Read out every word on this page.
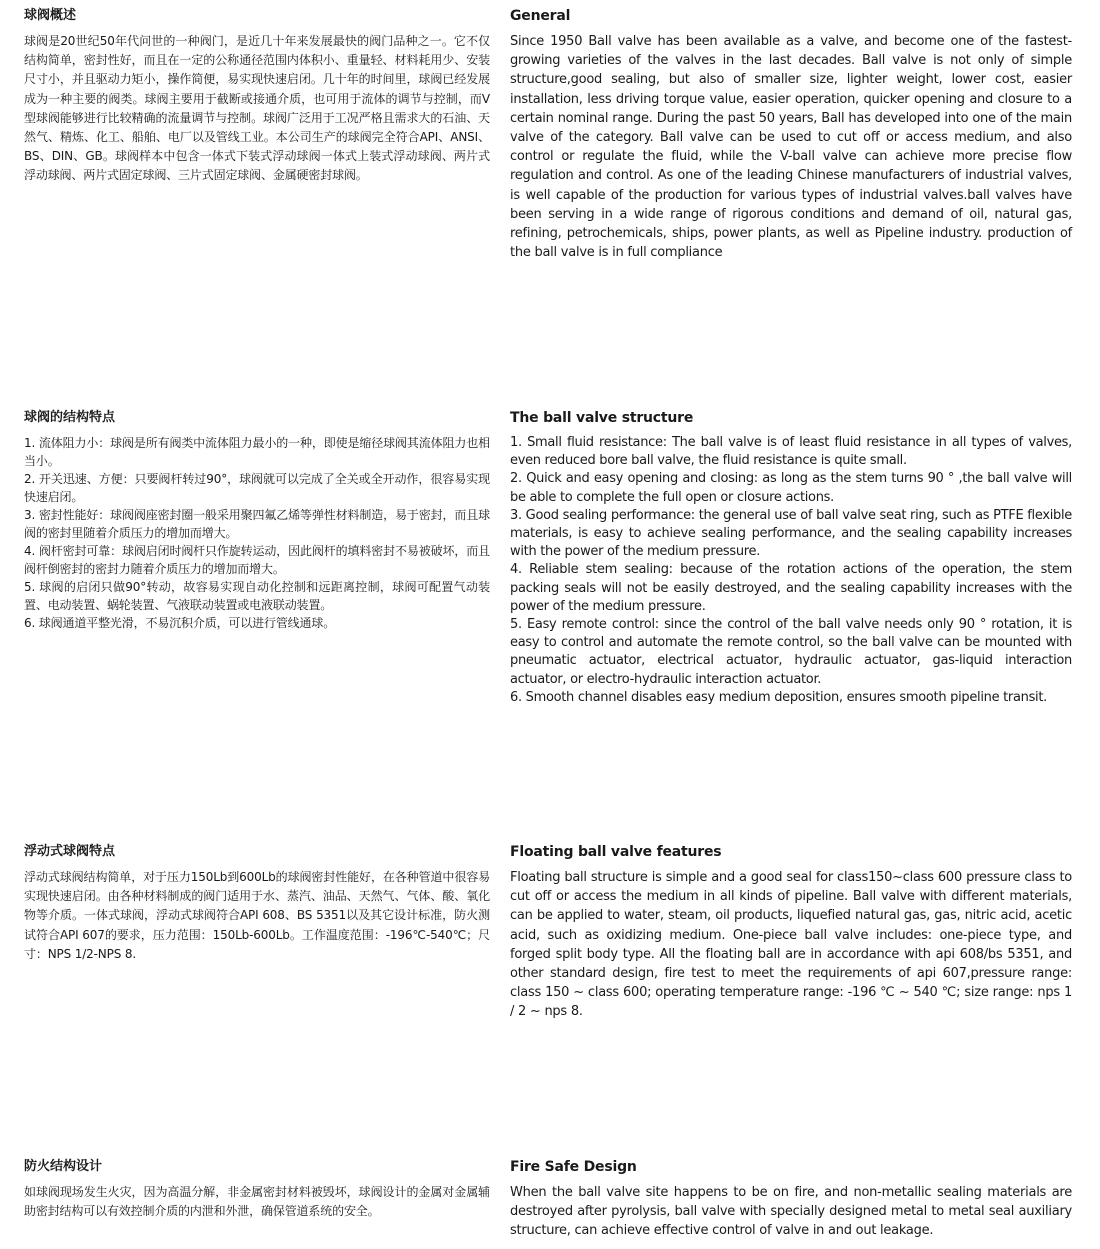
球阀概述

球阀是20世纪50年代问世的一种阀门，是近几十年来发展最快的阀门品种之一。它不仅结构简单，密封性好，而且在一定的公称通径范围内体积小、重量轻、材料耗用少、安装尺寸小，并且驱动力矩小，操作简便，易实现快速启闭。几十年的时间里，球阀已经发展成为一种主要的阀类。球阀主要用于截断或接通介质，也可用于流体的调节与控制，而V型球阀能够进行比较精确的流量调节与控制。球阀广泛用于工况严格且需求大的石油、天然气、精炼、化工、船舶、电厂以及管线工业。本公司生产的球阀完全符合API、ANSI、BS、DIN、GB。球阀样本中包含一体式下装式浮动球阀一体式上装式浮动球阀、两片式浮动球阀、两片式固定球阀、三片式固定球阀、金属硬密封球阀。

General

Since 1950 Ball valve has been available as a valve, and become one of the fastest-growing varieties of the valves in the last decades. Ball valve is not only of simple structure,good sealing, but also of smaller size, lighter weight, lower cost, easier installation, less driving torque value, easier operation, quicker opening and closure to a certain nominal range. During the past 50 years, Ball has developed into one of the main valve of the category. Ball valve can be used to cut off or access medium, and also control or regulate the fluid, while the V-ball valve can achieve more precise flow regulation and control. As one of the leading Chinese manufacturers of industrial valves, is well capable of the production for various types of industrial valves.ball valves have been serving in a wide range of rigorous conditions and demand of oil, natural gas, refining, petrochemicals, ships, power plants, as well as Pipeline industry. production of the ball valve is in full compliance

球阀的结构特点
1. 流体阻力小：球阀是所有阀类中流体阻力最小的一种，即使是缩径球阀其流体阻力也相当小。
2. 开关迅速、方便：只要阀杆转过90°，球阀就可以完成了全关或全开动作，很容易实现快速启闭。
3. 密封性能好：球阀阀座密封圈一般采用聚四氟乙烯等弹性材料制造，易于密封，而且球阀的密封里随着介质压力的增加而增大。
4. 阀杆密封可靠：球阀启闭时阀杆只作旋转运动，因此阀杆的填料密封不易被破坏，而且阀杆倒密封的密封力随着介质压力的增加而增大。
5. 球阀的启闭只做90°转动，故容易实现自动化控制和远距离控制，球阀可配置气动装置、电动装置、蜗轮装置、气液联动装置或电液联动装置。
6. 球阀通道平整光滑，不易沉积介质，可以进行管线通球。
The ball valve structure
1. Small fluid resistance: The ball valve is of least fluid resistance in all types of valves, even reduced bore ball valve, the fluid resistance is quite small.
2. Quick and easy opening and closing: as long as the stem turns 90 ° ,the ball valve will be able to complete the full open or closure actions.
3. Good sealing performance: the general use of ball valve seat ring, such as PTFE flexible materials, is easy to achieve sealing performance, and the sealing capability increases with the power of the medium pressure.
4. Reliable stem sealing: because of the rotation actions of the operation, the stem packing seals will not be easily destroyed, and the sealing capability increases with the power of the medium pressure.
5. Easy remote control: since the control of the ball valve needs only 90 ° rotation, it is easy to control and automate the remote control, so the ball valve can be mounted with pneumatic actuator, electrical actuator, hydraulic actuator, gas-liquid interaction actuator, or electro-hydraulic interaction actuator.
6. Smooth channel disables easy medium deposition, ensures smooth pipeline transit.
浮动式球阀特点

浮动式球阀结构简单，对于压力150Lb到600Lb的球阀密封性能好，在各种管道中很容易实现快速启闭。由各种材料制成的阀门适用于水、蒸汽、油品、天然气、气体、酸、氧化物等介质。一体式球阀，浮动式球阀符合API 608、BS 5351以及其它设计标准，防火测试符合API 607的要求，压力范围：150Lb-600Lb。工作温度范围：-196℃-540℃；尺寸：NPS 1/2-NPS 8.

Floating ball valve features

Floating ball structure is simple and a good seal for class150~class 600 pressure class to cut off or access the medium in all kinds of pipeline. Ball valve with different materials, can be applied to water, steam, oil products, liquefied natural gas, gas, nitric acid, acetic acid, such as oxidizing medium. One-piece ball valve includes: one-piece type, and forged split body type. All the floating ball are in accordance with api 608/bs 5351, and other standard design, fire test to meet the requirements of api 607,pressure range: class 150 ~ class 600; operating temperature range: -196 ℃ ~ 540 ℃; size range: nps 1 / 2 ~ nps 8.

防火结构设计

如球阀现场发生火灾，因为高温分解，非金属密封材料被毁坏，球阀设计的金属对金属辅助密封结构可以有效控制介质的内泄和外泄，确保管道系统的安全。

Fire Safe Design

When the ball valve site happens to be on fire, and non-metallic sealing materials are destroyed after pyrolysis, ball valve with specially designed metal to metal seal auxiliary structure, can achieve effective control of valve in and out leakage.
